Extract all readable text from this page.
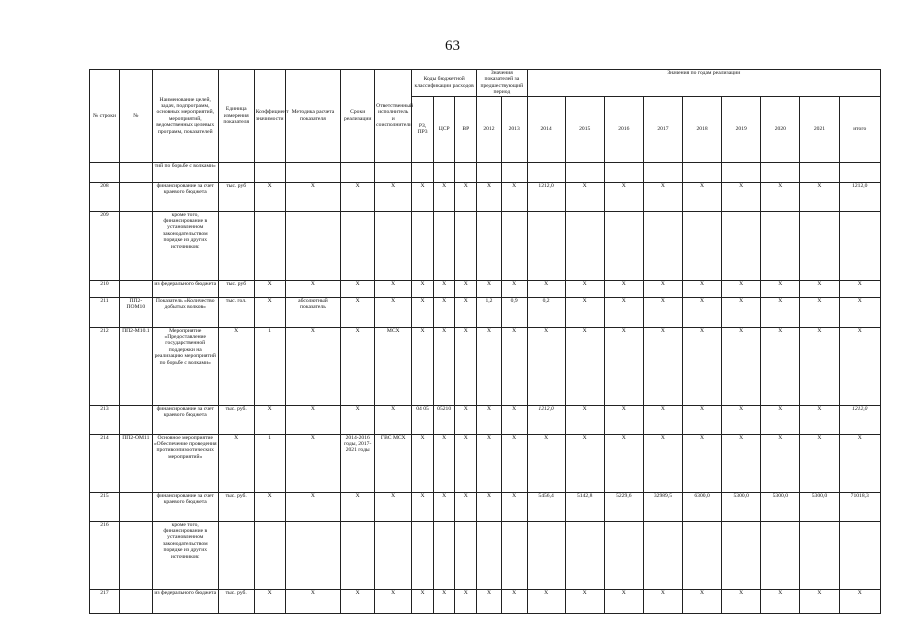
63
№ строки	№	Наименование целей, задач, подпрограмм, основных мероприятий, мероприятий, ведомственных целевых программ, показателей	Единица измерения показателя	Коэффициент значимости	Методика расчета показателя	Сроки реализации	Ответственный исполнитель и соисполнители	Коды бюджетной классификации расходов			Значения показателей за предшествующий период		Значения по годам реализации								
								РЗ, ПР3	ЦСР	ВР	2012	2013	2014	2015	2016	2017	2018	2019	2020	2021	итого
		тий по борьбе с волками»																			
208		финансирование за счет краевого бюджета	тыс. руб	X	X	X	X	X	X	X	X	X	1212,0	X	X	X	X	X	X	X	1212,0
209		кроме того, финансирование в установленном законодательством порядке из других источников:																			
210		из федерального бюджета	тыс. руб	X	X	X	X	X	X	X	X	X	X	X	X	X	X	X	X	X	X
211	ПП2-ПОМ10	Показатель «Количество добытых волков»	тыс. гол.	X	абсолютный показатель	X	X	X	X	X	1,2	0,9	0,2	X	X	X	X	X	X	X	X
212	ПП2-М10.1	Мероприятие «Предоставление государственной поддержки на реализацию мероприятий по борьбе с волками»	X	1	X	X	МСХ	X	X	X	X	X	X	X	X	X	X	X	X	X	X
213		финансирование за счет краевого бюджета	тыс. руб.	X	X	X	X	04 05	05210	X	X	X	1212,0	X	X	X	X	X	X	X	1212,0
214	ПП2-ОМ11	Основное мероприятие «Обеспечение проведения противоэпизоотических мероприятий»	X	1	X	2014-2016 годы, 2017-2021 годы	ГВС МСХ	X	X	X	X	X	X	X	X	X	X	X	X	X	X
215		финансирование за счет краевого бюджета	тыс. руб.	X	X	X	X	X	X	X	X	X	5456,4	5142,8	5229,6	32989,5	6300,0	5300,0	5300,0	5300,0	71018,3
216		кроме того, финансирование в установленном законодательством порядке из других источников:																			
217		из федерального бюджета	тыс. руб.	X	X	X	X	X	X	X	X	X	X	X	X	X	X	X	X	X	X
